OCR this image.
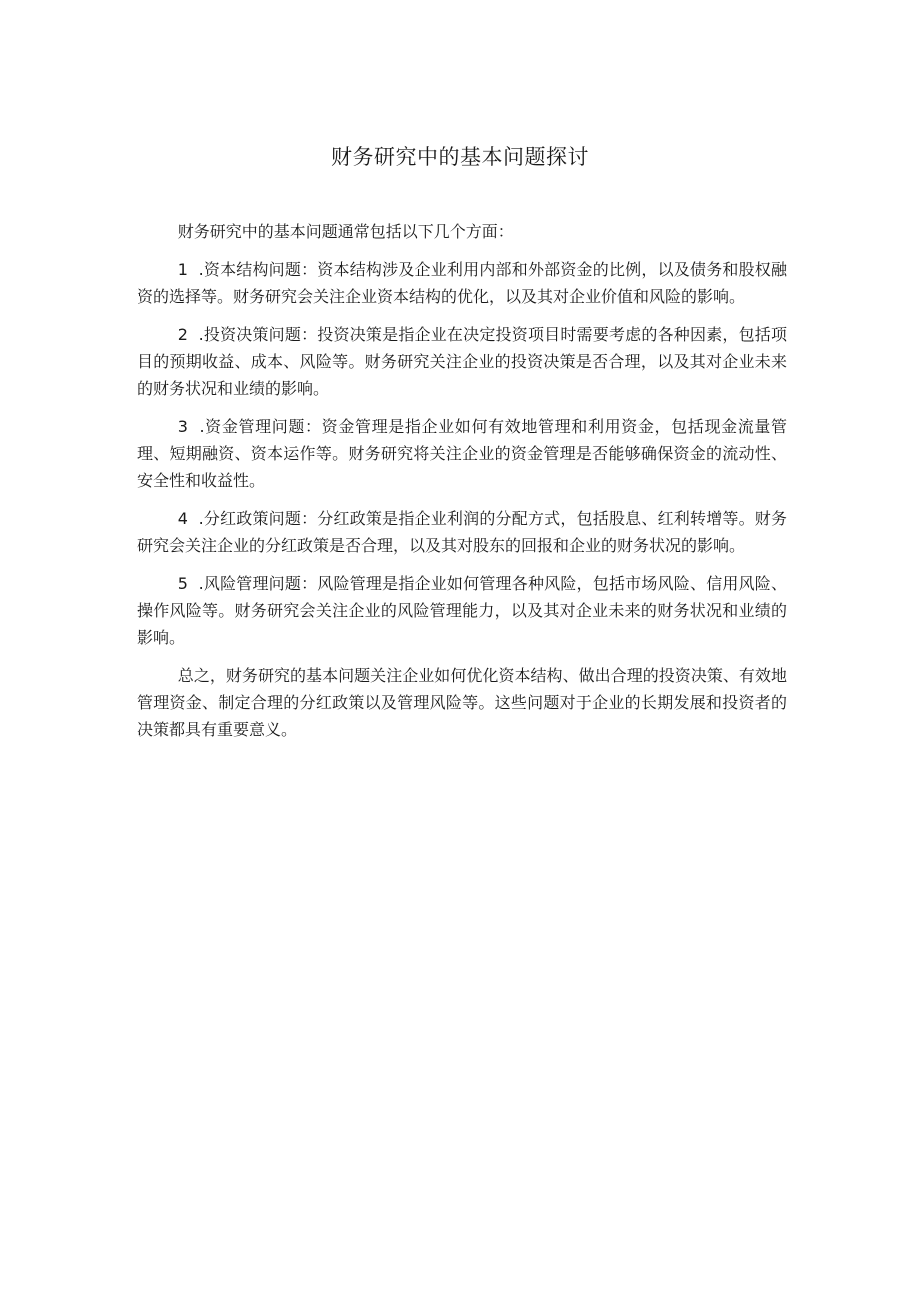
财务研究中的基本问题探讨

财务研究中的基本问题通常包括以下几个方面：

1 .资本结构问题：资本结构涉及企业利用内部和外部资金的比例，以及债务和股权融资的选择等。财务研究会关注企业资本结构的优化，以及其对企业价值和风险的影响。

2 .投资决策问题：投资决策是指企业在决定投资项目时需要考虑的各种因素，包括项目的预期收益、成本、风险等。财务研究关注企业的投资决策是否合理，以及其对企业未来的财务状况和业绩的影响。

3 .资金管理问题：资金管理是指企业如何有效地管理和利用资金，包括现金流量管理、短期融资、资本运作等。财务研究将关注企业的资金管理是否能够确保资金的流动性、安全性和收益性。

4 .分红政策问题：分红政策是指企业利润的分配方式，包括股息、红利转增等。财务研究会关注企业的分红政策是否合理，以及其对股东的回报和企业的财务状况的影响。

5 .风险管理问题：风险管理是指企业如何管理各种风险，包括市场风险、信用风险、操作风险等。财务研究会关注企业的风险管理能力，以及其对企业未来的财务状况和业绩的影响。

总之，财务研究的基本问题关注企业如何优化资本结构、做出合理的投资决策、有效地管理资金、制定合理的分红政策以及管理风险等。这些问题对于企业的长期发展和投资者的决策都具有重要意义。
